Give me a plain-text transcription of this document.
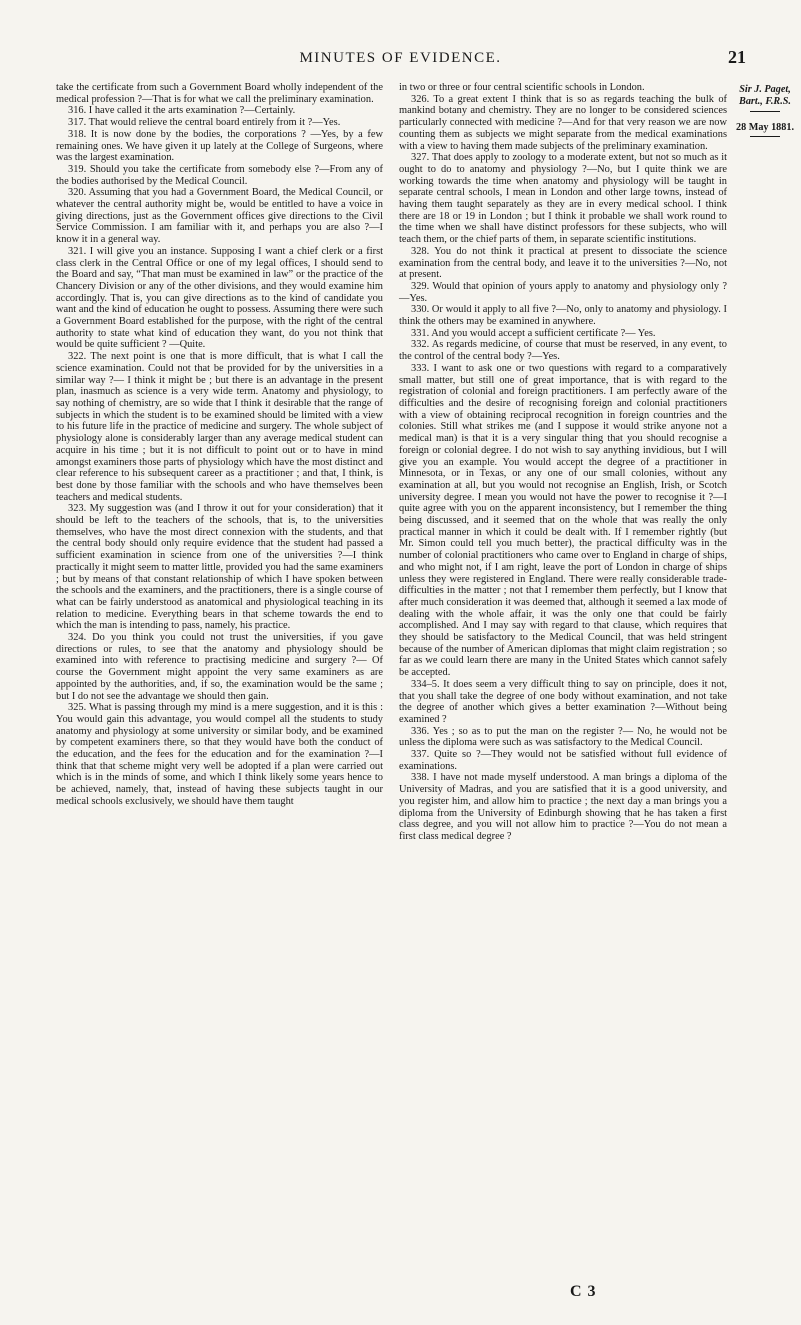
MINUTES OF EVIDENCE.	21

take the certificate from such a Government Board wholly independent of the medical profession ?—That is for what we call the preliminary examination.

316. I have called it the arts examination ?—Certainly.

317. That would relieve the central board entirely from it ?—Yes.

318. It is now done by the bodies, the corporations ? —Yes, by a few remaining ones. We have given it up lately at the College of Surgeons, where was the largest examination.

319. Should you take the certificate from somebody else ?—From any of the bodies authorised by the Medical Council.

320. Assuming that you had a Government Board, the Medical Council, or whatever the central authority might be, would be entitled to have a voice in giving directions, just as the Government offices give directions to the Civil Service Commission. I am familiar with it, and perhaps you are also ?—I know it in a general way.

321. I will give you an instance. Supposing I want a chief clerk or a first class clerk in the Central Office or one of my legal offices, I should send to the Board and say, “That man must be examined in law” or the practice of the Chancery Division or any of the other divisions, and they would examine him accordingly. That is, you can give directions as to the kind of candidate you want and the kind of education he ought to possess. Assuming there were such a Government Board established for the purpose, with the right of the central authority to state what kind of education they want, do you not think that would be quite sufficient ? —Quite.

322. The next point is one that is more difficult, that is what I call the science examination. Could not that be provided for by the universities in a similar way ?— I think it might be ; but there is an advantage in the present plan, inasmuch as science is a very wide term. Anatomy and physiology, to say nothing of chemistry, are so wide that I think it desirable that the range of subjects in which the student is to be examined should be limited with a view to his future life in the practice of medicine and surgery. The whole subject of physiology alone is considerably larger than any average medical student can acquire in his time ; but it is not difficult to point out or to have in mind amongst examiners those parts of physiology which have the most distinct and clear reference to his subsequent career as a practitioner ; and that, I think, is best done by those familiar with the schools and who have themselves been teachers and medical students.

323. My suggestion was (and I throw it out for your consideration) that it should be left to the teachers of the schools, that is, to the universities themselves, who have the most direct connexion with the students, and that the central body should only require evidence that the student had passed a sufficient examination in science from one of the universities ?—I think practically it might seem to matter little, provided you had the same examiners ; but by means of that constant relationship of which I have spoken between the schools and the examiners, and the practitioners, there is a single course of what can be fairly understood as anatomical and physiological teaching in its relation to medicine. Everything bears in that scheme towards the end to which the man is intending to pass, namely, his practice.

324. Do you think you could not trust the universities, if you gave directions or rules, to see that the anatomy and physiology should be examined into with reference to practising medicine and surgery ?— Of course the Government might appoint the very same examiners as are appointed by the authorities, and, if so, the examination would be the same ; but I do not see the advantage we should then gain.

325. What is passing through my mind is a mere suggestion, and it is this : You would gain this advantage, you would compel all the students to study anatomy and physiology at some university or similar body, and be examined by competent examiners there, so that they would have both the conduct of the education, and the fees for the education and for the examination ?—I think that that scheme might very well be adopted if a plan were carried out which is in the minds of some, and which I think likely some years hence to be achieved, namely, that, instead of having these subjects taught in our medical schools exclusively, we should have them taught

in two or three or four central scientific schools in London.

326. To a great extent I think that is so as regards teaching the bulk of mankind botany and chemistry. They are no longer to be considered sciences particularly connected with medicine ?—And for that very reason we are now counting them as subjects we might separate from the medical examinations with a view to having them made subjects of the preliminary examination.

327. That does apply to zoology to a moderate extent, but not so much as it ought to do to anatomy and physiology ?—No, but I quite think we are working towards the time when anatomy and physiology will be taught in separate central schools, I mean in London and other large towns, instead of having them taught separately as they are in every medical school. I think there are 18 or 19 in London ; but I think it probable we shall work round to the time when we shall have distinct professors for these subjects, who will teach them, or the chief parts of them, in separate scientific institutions.

328. You do not think it practical at present to dissociate the science examination from the central body, and leave it to the universities ?—No, not at present.

329. Would that opinion of yours apply to anatomy and physiology only ?—Yes.

330. Or would it apply to all five ?—No, only to anatomy and physiology. I think the others may be examined in anywhere.

331. And you would accept a sufficient certificate ?— Yes.

332. As regards medicine, of course that must be reserved, in any event, to the control of the central body ?—Yes.

333. I want to ask one or two questions with regard to a comparatively small matter, but still one of great importance, that is with regard to the registration of colonial and foreign practitioners. I am perfectly aware of the difficulties and the desire of recognising foreign and colonial practitioners with a view of obtaining reciprocal recognition in foreign countries and the colonies. Still what strikes me (and I suppose it would strike anyone not a medical man) is that it is a very singular thing that you should recognise a foreign or colonial degree. I do not wish to say anything invidious, but I will give you an example. You would accept the degree of a practitioner in Minnesota, or in Texas, or any one of our small colonies, without any examination at all, but you would not recognise an English, Irish, or Scotch university degree. I mean you would not have the power to recognise it ?—I quite agree with you on the apparent inconsistency, but I remember the thing being discussed, and it seemed that on the whole that was really the only practical manner in which it could be dealt with. If I remember rightly (but Mr. Simon could tell you much better), the practical difficulty was in the number of colonial practitioners who came over to England in charge of ships, and who might not, if I am right, leave the port of London in charge of ships unless they were registered in England. There were really considerable trade-difficulties in the matter ; not that I remember them perfectly, but I know that after much consideration it was deemed that, although it seemed a lax mode of dealing with the whole affair, it was the only one that could be fairly accomplished. And I may say with regard to that clause, which requires that they should be satisfactory to the Medical Council, that was held stringent because of the number of American diplomas that might claim registration ; so far as we could learn there are many in the United States which cannot safely be accepted.

334–5. It does seem a very difficult thing to say on principle, does it not, that you shall take the degree of one body without examination, and not take the degree of another which gives a better examination ?—Without being examined ?

336. Yes ; so as to put the man on the register ?— No, he would not be unless the diploma were such as was satisfactory to the Medical Council.

337. Quite so ?—They would not be satisfied without full evidence of examinations.

338. I have not made myself understood. A man brings a diploma of the University of Madras, and you are satisfied that it is a good university, and you register him, and allow him to practice ; the next day a man brings you a diploma from the University of Edinburgh showing that he has taken a first class degree, and you will not allow him to practice ?—You do not mean a first class medical degree ?

Sir J. Paget,
Bart., F.R.S.
28 May 1881.
C 3
